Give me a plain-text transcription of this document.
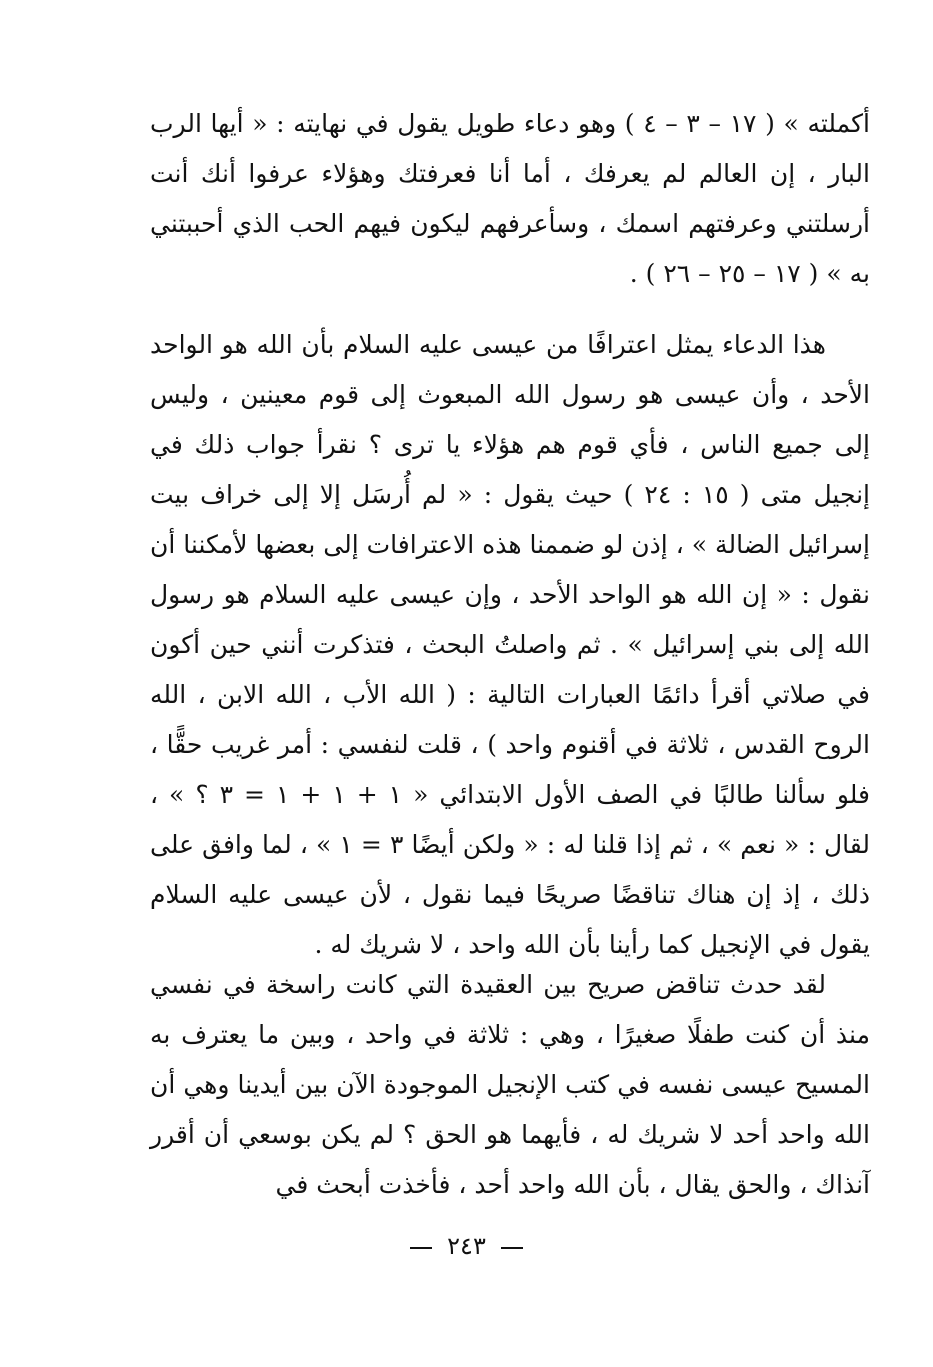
أكملته » ( ١٧ – ٣ – ٤ ) وهو دعاء طويل يقول في نهايته : « أيها الرب البار ، إن العالم لم يعرفك ، أما أنا فعرفتك وهؤلاء عرفوا أنك أنت أرسلتني وعرفتهم اسمك ، وسأعرفهم ليكون فيهم الحب الذي أحببتني به » ( ١٧ – ٢٥ – ٢٦ ) .

هذا الدعاء يمثل اعترافًا من عيسى عليه السلام بأن الله هو الواحد الأحد ، وأن عيسى هو رسول الله المبعوث إلى قوم معينين ، وليس إلى جميع الناس ، فأي قوم هم هؤلاء يا ترى ؟ نقرأ جواب ذلك في إنجيل متى ( ١٥ : ٢٤ ) حيث يقول : « لم أُرسَل إلا إلى خراف بيت إسرائيل الضالة » ، إذن لو ضممنا هذه الاعترافات إلى بعضها لأمكننا أن نقول : « إن الله هو الواحد الأحد ، وإن عيسى عليه السلام هو رسول الله إلى بني إسرائيل » . ثم واصلتُ البحث ، فتذكرت أنني حين أكون في صلاتي أقرأ دائمًا العبارات التالية : ( الله الأب ، الله الابن ، الله الروح القدس ، ثلاثة في أقنوم واحد ) ، قلت لنفسي : أمر غريب حقًّا ، فلو سألنا طالبًا في الصف الأول الابتدائي « ١ + ١ + ١ = ٣ ؟ » ، لقال : « نعم » ، ثم إذا قلنا له : « ولكن أيضًا ٣ = ١ » ، لما وافق على ذلك ، إذ إن هناك تناقضًا صريحًا فيما نقول ، لأن عيسى عليه السلام يقول في الإنجيل كما رأينا بأن الله واحد ، لا شريك له .

لقد حدث تناقض صريح بين العقيدة التي كانت راسخة في نفسي منذ أن كنت طفلًا صغيرًا ، وهي : ثلاثة في واحد ، وبين ما يعترف به المسيح عيسى نفسه في كتب الإنجيل الموجودة الآن بين أيدينا وهي أن الله واحد أحد لا شريك له ، فأيهما هو الحق ؟ لم يكن بوسعي أن أقرر آنذاك ، والحق يقال ، بأن الله واحد أحد ، فأخذت أبحث في

٢٤٣
